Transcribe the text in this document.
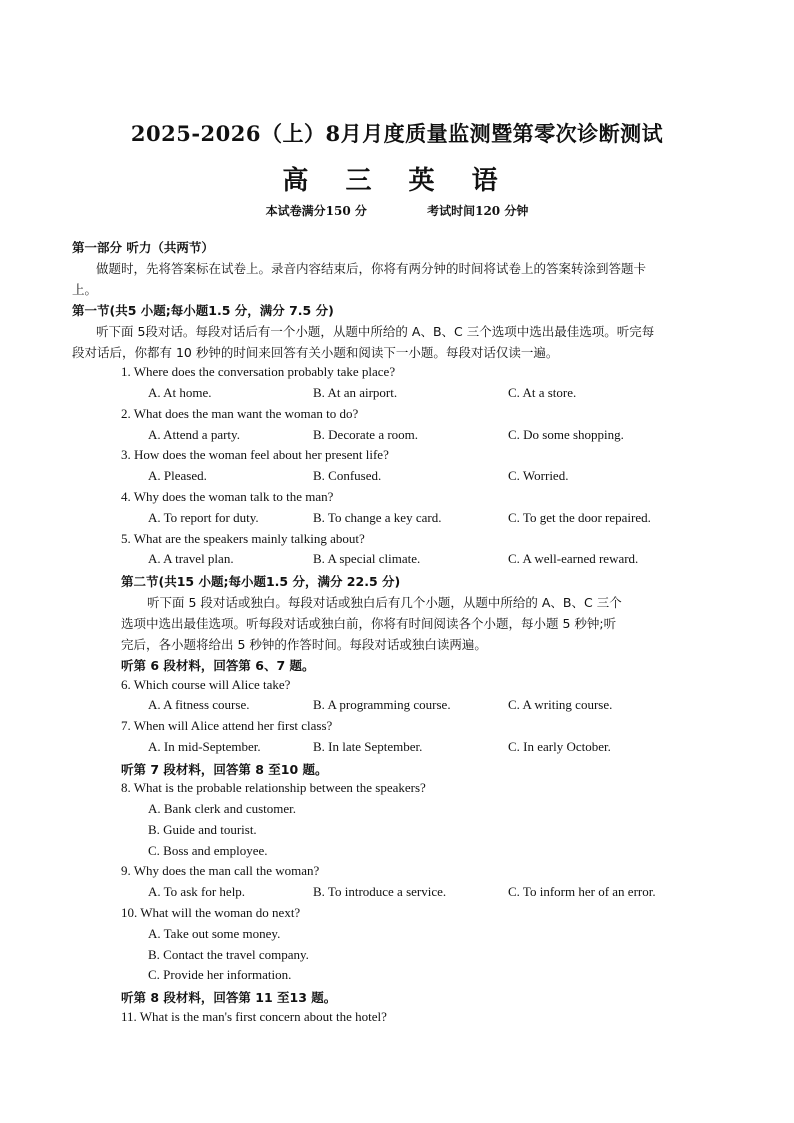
2025-2026（上）8月月度质量监测暨第零次诊断测试
高 三 英 语
本试卷满分150 分	考试时间120 分钟
第一部分 听力（共两节）
做题时，先将答案标在试卷上。录音内容结束后，你将有两分钟的时间将试卷上的答案转涂到答题卡
上。
第一节(共5 小题;每小题1.5 分，满分 7.5 分)
听下面 5段对话。每段对话后有一个小题，从题中所给的 A、B、C 三个选项中选出最佳选项。听完每
段对话后，你都有 10 秒钟的时间来回答有关小题和阅读下一小题。每段对话仅读一遍。
1. Where does the conversation probably take place?
A. At home.	B. At an airport.	C. At a store.
2. What does the man want the woman to do?
A. Attend a party.	B. Decorate a room.	C. Do some shopping.
3. How does the woman feel about her present life?
A. Pleased.	B. Confused.	C. Worried.
4. Why does the woman talk to the man?
A. To report for duty.	B. To change a key card.	C. To get the door repaired.
5. What are the speakers mainly talking about?
A. A travel plan.	B. A special climate.	C. A well-earned reward.
第二节(共15 小题;每小题1.5 分，满分 22.5 分)
听下面 5 段对话或独白。每段对话或独白后有几个小题，从题中所给的 A、B、C 三个
选项中选出最佳选项。听每段对话或独白前，你将有时间阅读各个小题，每小题 5 秒钟;听
完后，各小题将给出 5 秒钟的作答时间。每段对话或独白读两遍。
听第 6 段材料，回答第 6、7 题。
6. Which course will Alice take?
A. A fitness course.	B. A programming course.	C. A writing course.
7. When will Alice attend her first class?
A. In mid-September.	B. In late September.	C. In early October.
听第 7 段材料，回答第 8 至10 题。
8. What is the probable relationship between the speakers?
A. Bank clerk and customer.
B. Guide and tourist.
C. Boss and employee.
9. Why does the man call the woman?
A. To ask for help.	B. To introduce a service.	C. To inform her of an error.
10. What will the woman do next?
A. Take out some money.
B. Contact the travel company.
C. Provide her information.
听第 8 段材料，回答第 11 至13 题。
11. What is the man's first concern about the hotel?
